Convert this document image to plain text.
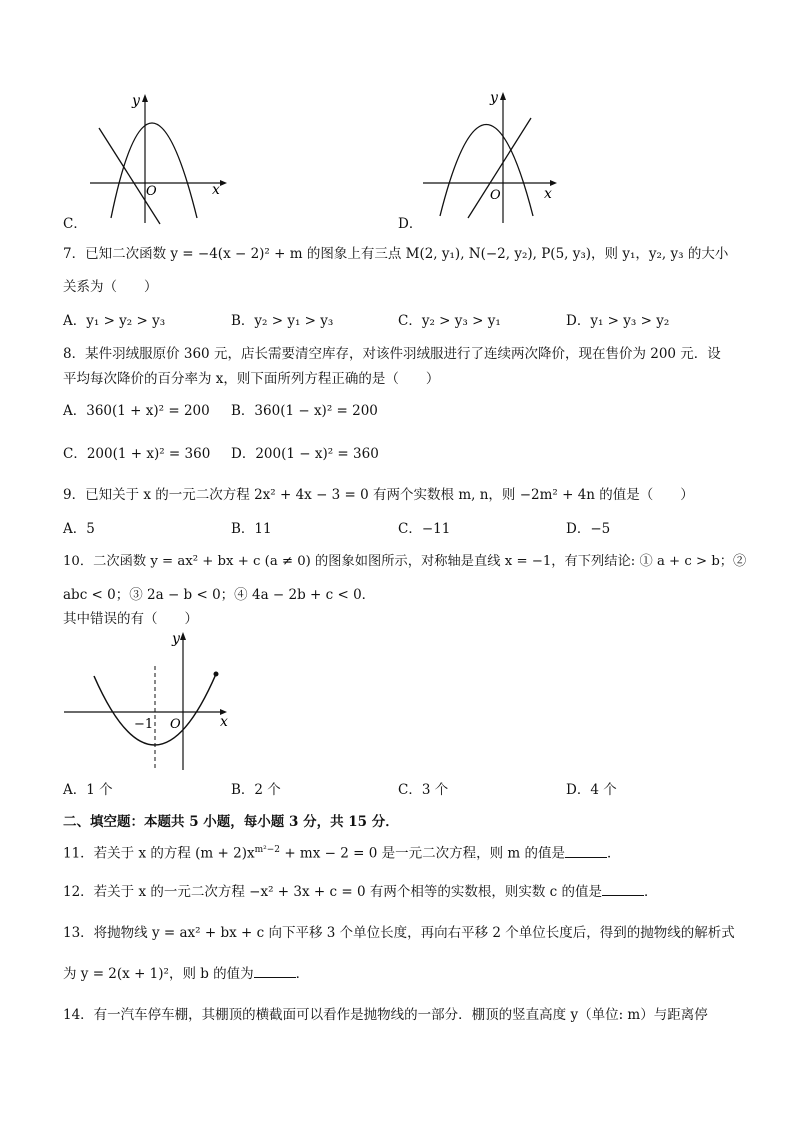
y
x
O
C．
y
x
O
D．
7．已知二次函数 y = −4(x − 2)² + m 的图象上有三点 M(2, y₁), N(−2, y₂), P(5, y₃)，则 y₁，y₂, y₃ 的大小
关系为（　　）
A．y₁ > y₂ > y₃	B．y₂ > y₁ > y₃	C．y₂ > y₃ > y₁	D．y₁ > y₃ > y₂
8．某件羽绒服原价 360 元，店长需要清空库存，对该件羽绒服进行了连续两次降价，现在售价为 200 元．设
平均每次降价的百分率为 x，则下面所列方程正确的是（　　）
A．360(1 + x)² = 200 B．360(1 − x)² = 200
C．200(1 + x)² = 360 D．200(1 − x)² = 360
9．已知关于 x 的一元二次方程 2x² + 4x − 3 = 0 有两个实数根 m, n，则 −2m² + 4n 的值是（　　）
A．5	B．11	C．−11	D．−5
10．二次函数 y = ax² + bx + c (a ≠ 0) 的图象如图所示，对称轴是直线 x = −1，有下列结论: ① a + c > b；②
abc < 0；③ 2a − b < 0；④ 4a − 2b + c < 0．
其中错误的有（　　）
y
x
O
−1
A．1 个	B．2 个	C．3 个	D．4 个
二、填空题：本题共 5 小题，每小题 3 分，共 15 分．
11．若关于 x 的方程 $(m + 2)x^{m^2-2}$ + mx − 2 = 0 是一元二次方程，则 m 的值是	．
12．若关于 x 的一元二次方程 −x² + 3x + c = 0 有两个相等的实数根，则实数 c 的值是	．
13．将抛物线 y = ax² + bx + c 向下平移 3 个单位长度，再向右平移 2 个单位长度后，得到的抛物线的解析式
为 y = 2(x + 1)²，则 b 的值为	．
14．有一汽车停车棚，其棚顶的横截面可以看作是抛物线的一部分．棚顶的竖直高度 y（单位: m）与距离停
